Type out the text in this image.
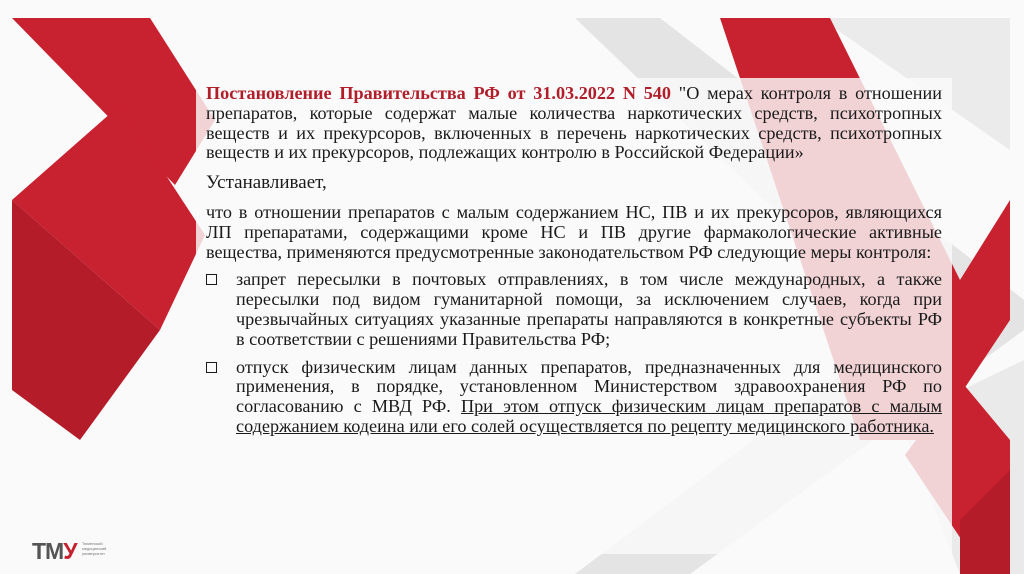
Постановление Правительства РФ от 31.03.2022 N 540 "О мерах контроля в отношении препаратов, которые содержат малые количества наркотических средств, психотропных веществ и их прекурсоров, включенных в перечень наркотических средств, психотропных веществ и их прекурсоров, подлежащих контролю в Российской Федерации»

Устанавливает,

что в отношении препаратов с малым содержанием НС, ПВ и их прекурсоров, являющихся ЛП препаратами, содержащими кроме НС и ПВ другие фармакологические активные вещества, применяются предусмотренные законодательством РФ следующие меры контроля:

запрет пересылки в почтовых отправлениях, в том числе международных, а также пересылки под видом гуманитарной помощи, за исключением случаев, когда при чрезвычайных ситуациях указанные препараты направляются в конкретные субъекты РФ в соответствии с решениями Правительства РФ;
отпуск физическим лицам данных препаратов, предназначенных для медицинского применения, в порядке, установленном Министерством здравоохранения РФ по согласованию с МВД РФ. При этом отпуск физическим лицам препаратов с малым содержанием кодеина или его солей осуществляется по рецепту медицинского работника.
ТМУ Тюменский медицинский университет
